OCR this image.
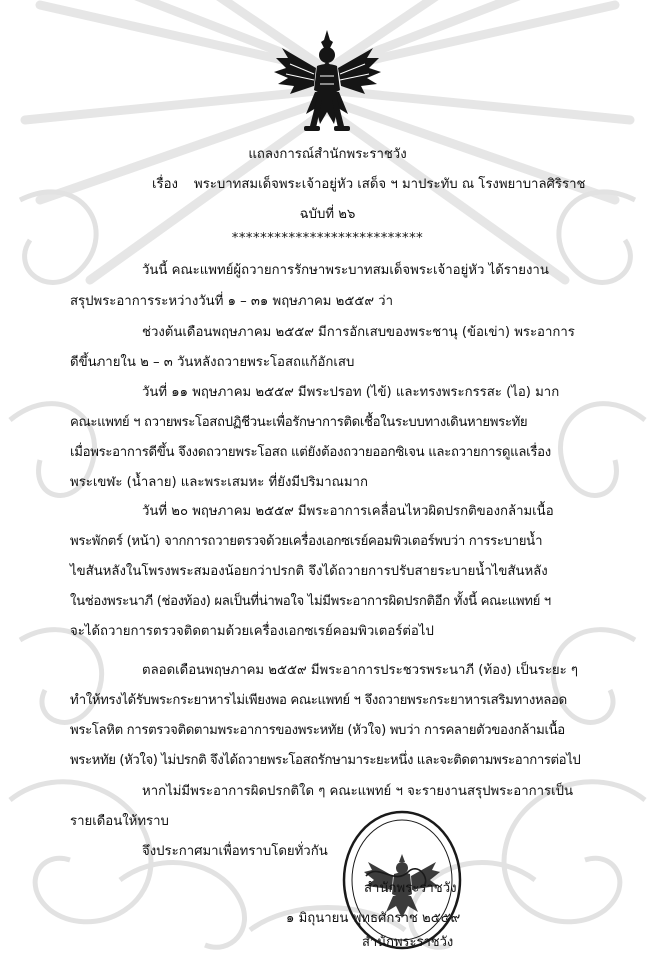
แถลงการณ์สำนักพระราชวัง
เรื่อง พระบาทสมเด็จพระเจ้าอยู่หัว เสด็จ ฯ มาประทับ ณ โรงพยาบาลศิริราช
ฉบับที่ ๒๖
***************************
วันนี้ คณะแพทย์ผู้ถวายการรักษาพระบาทสมเด็จพระเจ้าอยู่หัว ได้รายงาน
สรุปพระอาการระหว่างวันที่ ๑ – ๓๑ พฤษภาคม ๒๕๕๙ ว่า
ช่วงต้นเดือนพฤษภาคม ๒๕๕๙ มีการอักเสบของพระชานุ (ข้อเข่า) พระอาการ
ดีขึ้นภายใน ๒ – ๓ วันหลังถวายพระโอสถแก้อักเสบ
วันที่ ๑๑ พฤษภาคม ๒๕๕๙ มีพระปรอท (ไข้) และทรงพระกรรสะ (ไอ) มาก
คณะแพทย์ ฯ ถวายพระโอสถปฏิชีวนะเพื่อรักษาการติดเชื้อในระบบทางเดินหายพระทัย
เมื่อพระอาการดีขึ้น จึงงดถวายพระโอสถ แต่ยังต้องถวายออกซิเจน และถวายการดูแลเรื่อง
พระเขฬะ (น้ำลาย) และพระเสมหะ ที่ยังมีปริมาณมาก
วันที่ ๒๐ พฤษภาคม ๒๕๕๙ มีพระอาการเคลื่อนไหวผิดปรกติของกล้ามเนื้อ
พระพักตร์ (หน้า) จากการถวายตรวจด้วยเครื่องเอกซเรย์คอมพิวเตอร์พบว่า การระบายน้ำ
ไขสันหลังในโพรงพระสมองน้อยกว่าปรกติ จึงได้ถวายการปรับสายระบายน้ำไขสันหลัง
ในช่องพระนาภี (ช่องท้อง) ผลเป็นที่น่าพอใจ ไม่มีพระอาการผิดปรกติอีก ทั้งนี้ คณะแพทย์ ฯ
จะได้ถวายการตรวจติดตามด้วยเครื่องเอกซเรย์คอมพิวเตอร์ต่อไป
ตลอดเดือนพฤษภาคม ๒๕๕๙ มีพระอาการประชวรพระนาภี (ท้อง) เป็นระยะ ๆ
ทำให้ทรงได้รับพระกระยาหารไม่เพียงพอ คณะแพทย์ ฯ จึงถวายพระกระยาหารเสริมทางหลอด
พระโลหิต การตรวจติดตามพระอาการของพระหทัย (หัวใจ) พบว่า การคลายตัวของกล้ามเนื้อ
พระหทัย (หัวใจ) ไม่ปรกติ จึงได้ถวายพระโอสถรักษามาระยะหนึ่ง และจะติดตามพระอาการต่อไป
หากไม่มีพระอาการผิดปรกติใด ๆ คณะแพทย์ ฯ จะรายงานสรุปพระอาการเป็น
รายเดือนให้ทราบ
จึงประกาศมาเพื่อทราบโดยทั่วกัน
สำนักพระราชวัง
๑ มิถุนายน พุทธศักราช ๒๕๕๙
สำนักพระราชวัง
